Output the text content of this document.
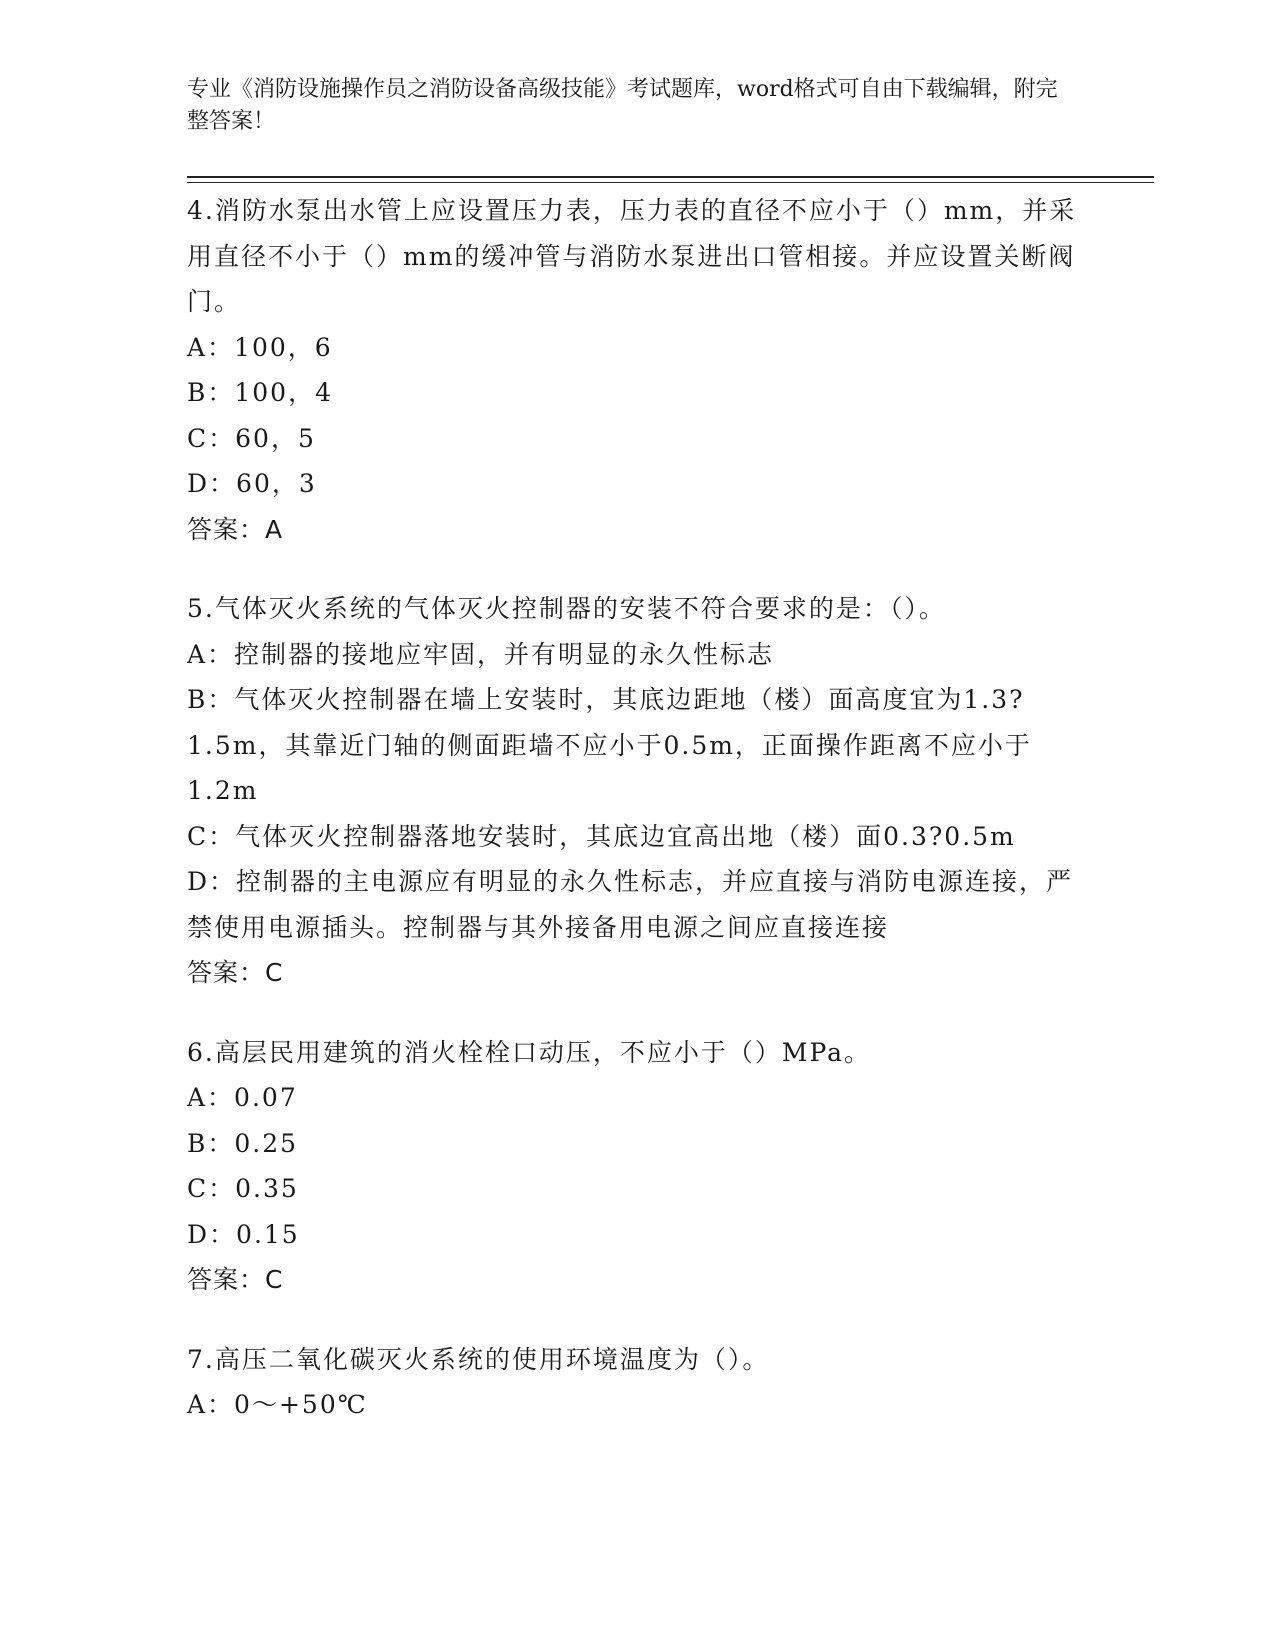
专业《消防设施操作员之消防设备高级技能》考试题库，word格式可自由下载编辑，附完整答案！
4.消防水泵出水管上应设置压力表，压力表的直径不应小于（）mm，并采用直径不小于（）mm的缓冲管与消防水泵进出口管相接。并应设置关断阀门。
A：100，6
B：100，4
C：60，5
D：60，3
答案：A
5.气体灭火系统的气体灭火控制器的安装不符合要求的是：（）。
A：控制器的接地应牢固，并有明显的永久性标志
B：气体灭火控制器在墙上安装时，其底边距地（楼）面高度宜为1.3?1.5m，其靠近门轴的侧面距墙不应小于0.5m，正面操作距离不应小于1.2m
C：气体灭火控制器落地安装时，其底边宜高出地（楼）面0.3?0.5m
D：控制器的主电源应有明显的永久性标志，并应直接与消防电源连接，严禁使用电源插头。控制器与其外接备用电源之间应直接连接
答案：C
6.高层民用建筑的消火栓栓口动压，不应小于（）MPa。
A：0.07
B：0.25
C：0.35
D：0.15
答案：C
7.高压二氧化碳灭火系统的使用环境温度为（）。
A：0～+50℃
